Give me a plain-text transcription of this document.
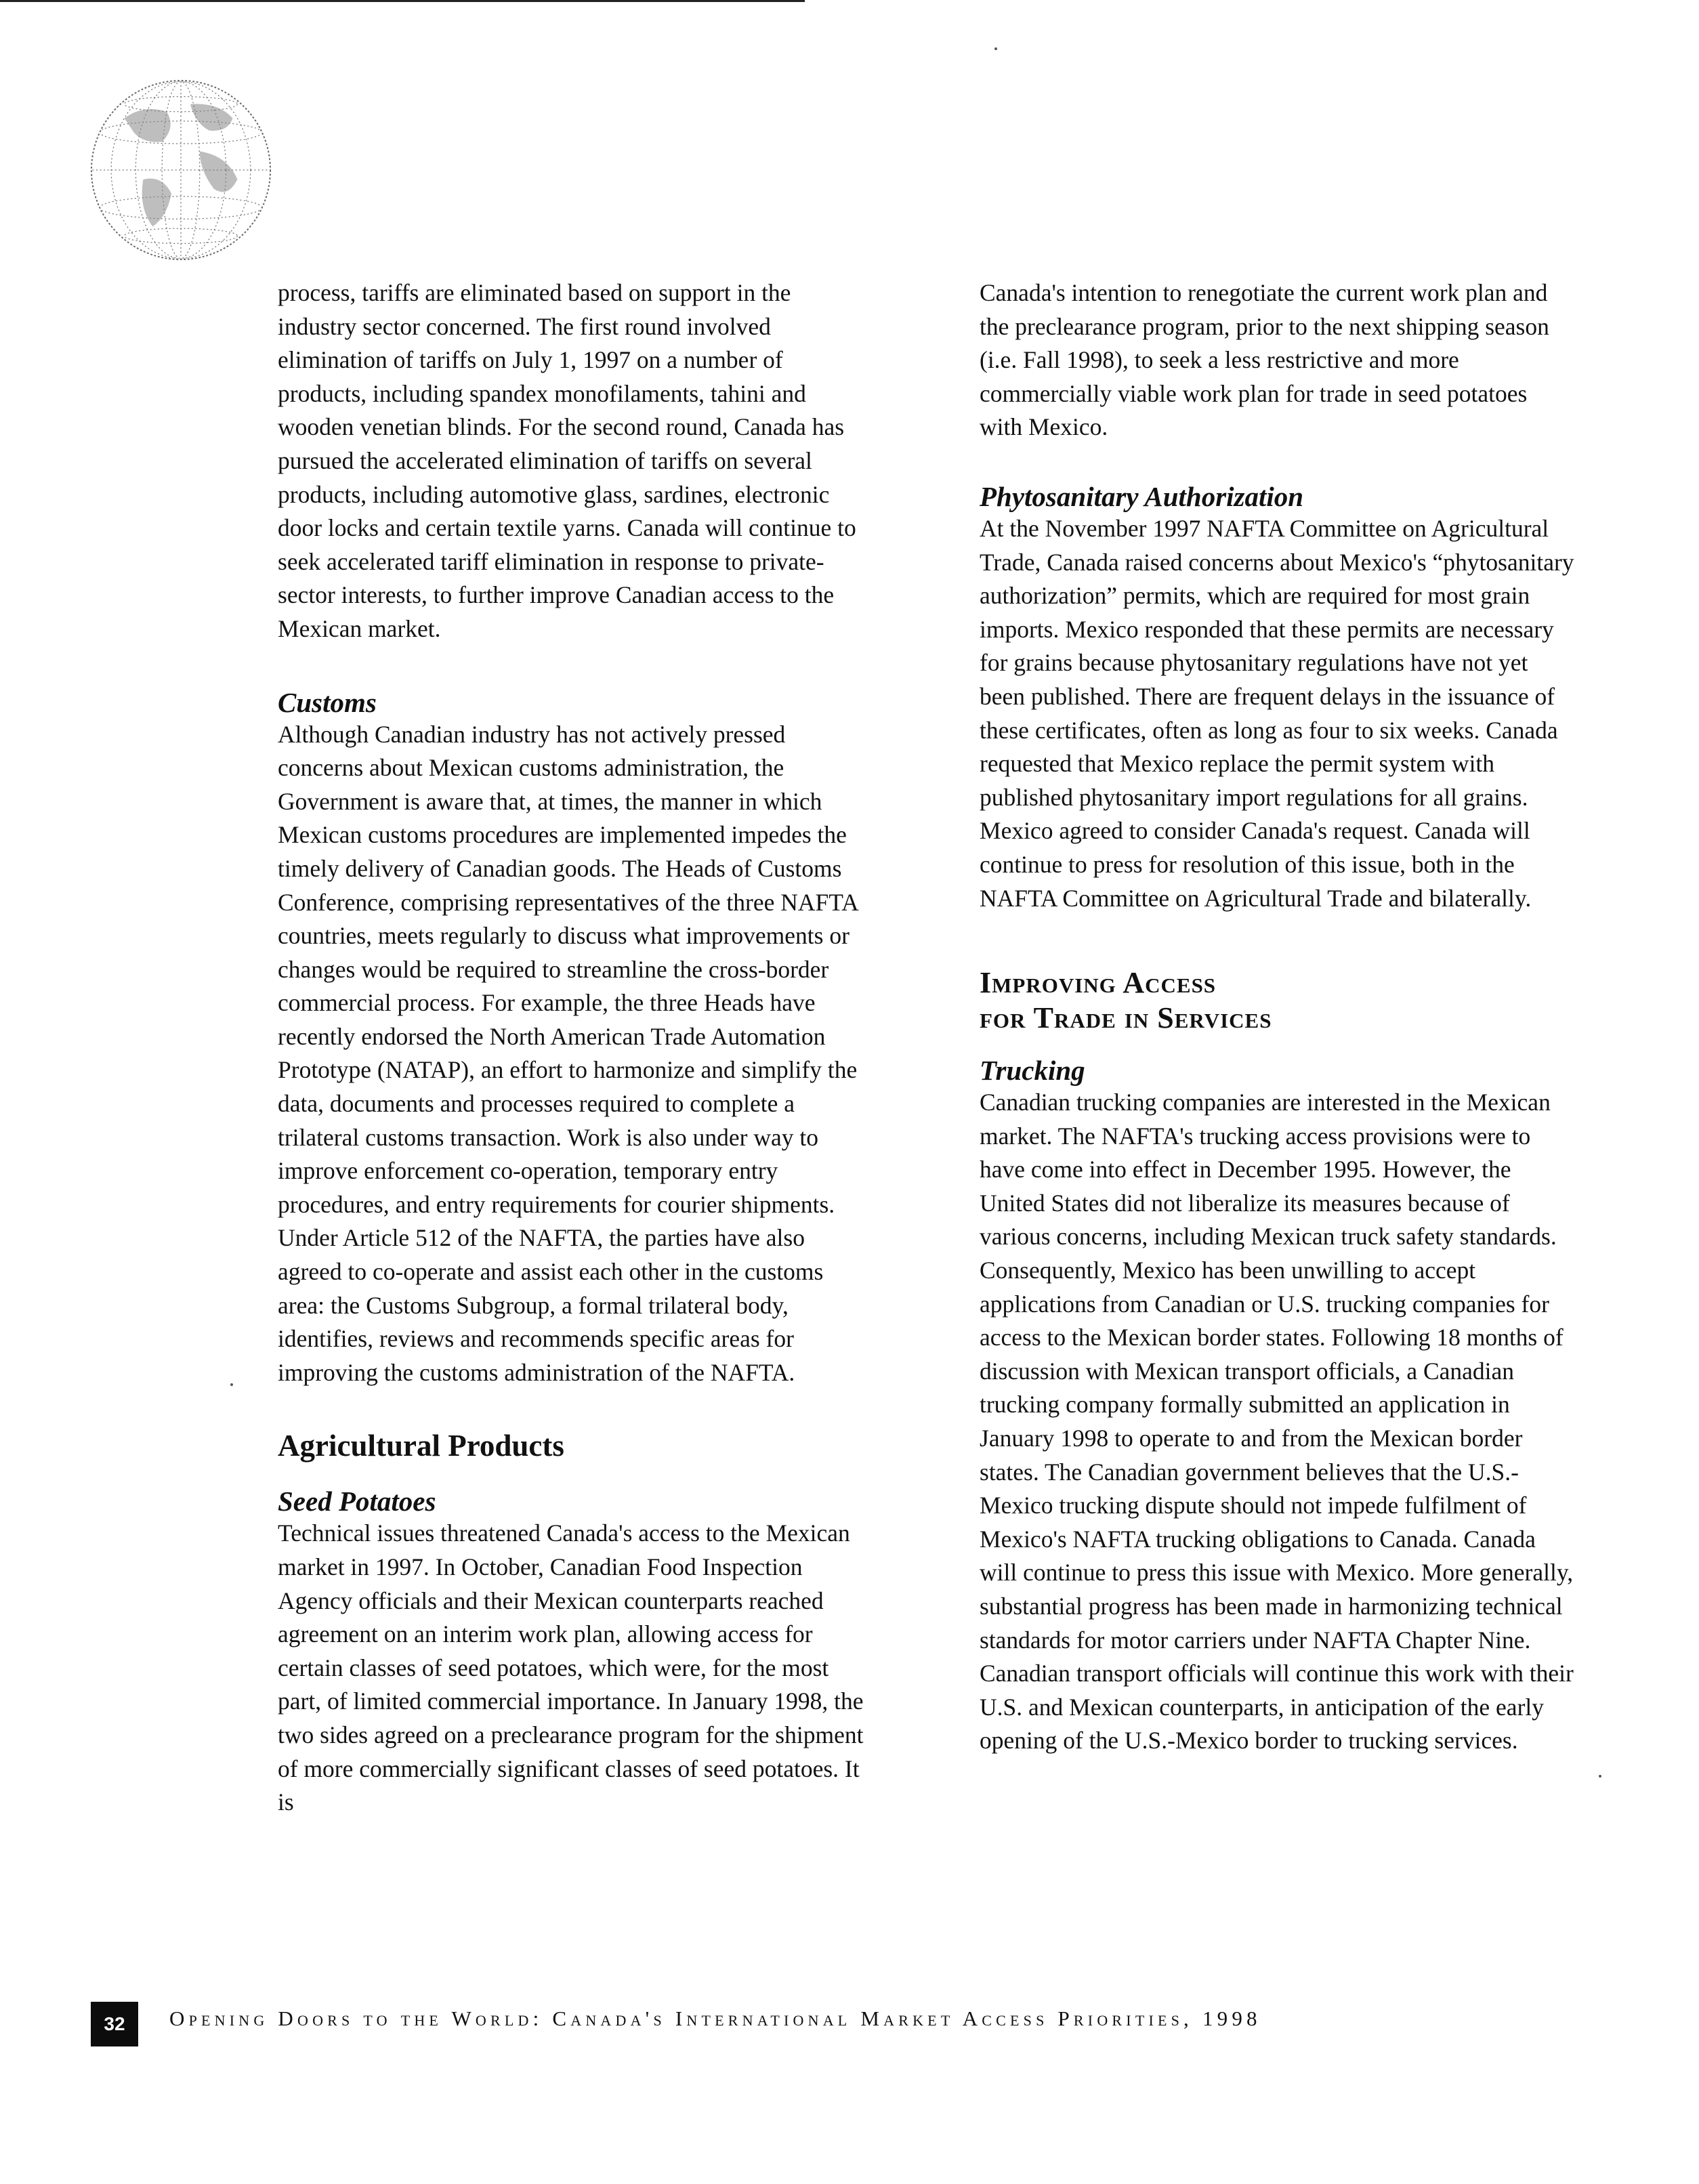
process, tariffs are eliminated based on support in the industry sector concerned. The first round involved elimination of tariffs on July 1, 1997 on a number of products, including spandex monofilaments, tahini and wooden venetian blinds. For the second round, Canada has pursued the accelerated elimination of tariffs on several products, including automotive glass, sardines, electronic door locks and certain textile yarns. Canada will continue to seek accelerated tariff elimination in response to private-sector interests, to further improve Canadian access to the Mexican market.

Customs

Although Canadian industry has not actively pressed concerns about Mexican customs administration, the Government is aware that, at times, the manner in which Mexican customs procedures are implemented impedes the timely delivery of Canadian goods. The Heads of Customs Conference, comprising representatives of the three NAFTA countries, meets regularly to discuss what improvements or changes would be required to streamline the cross-border commercial process. For example, the three Heads have recently endorsed the North American Trade Automation Prototype (NATAP), an effort to harmonize and simplify the data, documents and processes required to complete a trilateral customs transaction. Work is also under way to improve enforcement co-operation, temporary entry procedures, and entry requirements for courier shipments. Under Article 512 of the NAFTA, the parties have also agreed to co-operate and assist each other in the customs area: the Customs Subgroup, a formal trilateral body, identifies, reviews and recommends specific areas for improving the customs administration of the NAFTA.

Agricultural Products

Seed Potatoes

Technical issues threatened Canada's access to the Mexican market in 1997. In October, Canadian Food Inspection Agency officials and their Mexican counterparts reached agreement on an interim work plan, allowing access for certain classes of seed potatoes, which were, for the most part, of limited commercial importance. In January 1998, the two sides agreed on a preclearance program for the shipment of more commercially significant classes of seed potatoes. It is

Canada's intention to renegotiate the current work plan and the preclearance program, prior to the next shipping season (i.e. Fall 1998), to seek a less restrictive and more commercially viable work plan for trade in seed potatoes with Mexico.

Phytosanitary Authorization

At the November 1997 NAFTA Committee on Agricultural Trade, Canada raised concerns about Mexico's “phytosanitary authorization” permits, which are required for most grain imports. Mexico responded that these permits are necessary for grains because phytosanitary regulations have not yet been published. There are frequent delays in the issuance of these certificates, often as long as four to six weeks. Canada requested that Mexico replace the permit system with published phytosanitary import regulations for all grains. Mexico agreed to consider Canada's request. Canada will continue to press for resolution of this issue, both in the NAFTA Committee on Agricultural Trade and bilaterally.

Improving Access

for Trade in Services

Trucking

Canadian trucking companies are interested in the Mexican market. The NAFTA's trucking access provisions were to have come into effect in December 1995. However, the United States did not liberalize its measures because of various concerns, including Mexican truck safety standards. Consequently, Mexico has been unwilling to accept applications from Canadian or U.S. trucking companies for access to the Mexican border states. Following 18 months of discussion with Mexican transport officials, a Canadian trucking company formally submitted an application in January 1998 to operate to and from the Mexican border states. The Canadian government believes that the U.S.-Mexico trucking dispute should not impede fulfilment of Mexico's NAFTA trucking obligations to Canada. Canada will continue to press this issue with Mexico. More generally, substantial progress has been made in harmonizing technical standards for motor carriers under NAFTA Chapter Nine. Canadian transport officials will continue this work with their U.S. and Mexican counterparts, in anticipation of the early opening of the U.S.-Mexico border to trucking services.

32	Opening Doors to the World: Canada's International Market Access Priorities, 1998
